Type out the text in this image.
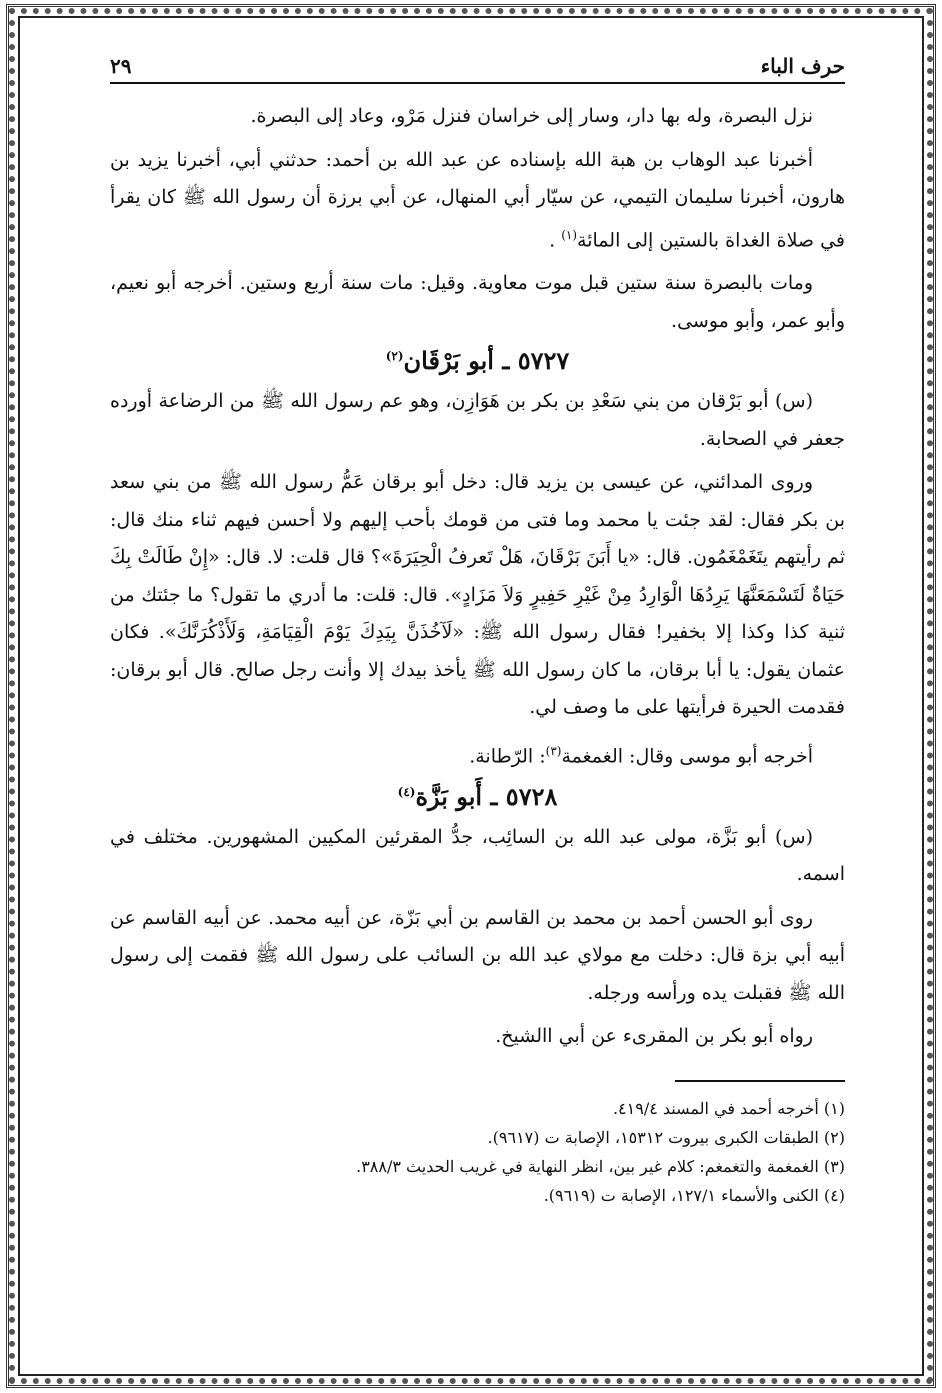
حرف الباء
٢٩

نزل البصرة، وله بها دار، وسار إلى خراسان فنزل مَرْو، وعاد إلى البصرة.

أخبرنا عبد الوهاب بن هبة الله بإسناده عن عبد الله بن أحمد: حدثني أبي، أخبرنا يزيد بن هارون، أخبرنا سليمان التيمي، عن سيّار أبي المنهال، عن أبي برزة أن رسول الله ﷺ كان يقرأ في صلاة الغداة بالستين إلى المائة$^{(١)}$ .

ومات بالبصرة سنة ستين قبل موت معاوية. وقيل: مات سنة أربع وستين. أخرجه أبو نعيم، وأبو عمر، وأبو موسى.

٥٧٢٧ ـ أبو بَرْقَان$^{(٢)}$

(س) أبو بَرْقان من بني سَعْدِ بن بكر بن هَوَازِن، وهو عم رسول الله ﷺ من الرضاعة أورده جعفر في الصحابة.

وروى المدائني، عن عيسى بن يزيد قال: دخل أبو برقان عَمُّ رسول الله ﷺ من بني سعد بن بكر فقال: لقد جئت يا محمد وما فتى من قومك بأحب إليهم ولا أحسن فيهم ثناء منك قال: ثم رأيتهم يتَغَمْغَمُون. قال: «يا أَبَنَ بَرْقَانَ، هَلْ تَعرفُ الْحِيَرَةَ»؟ قال قلت: لا. قال: «إِنْ طَالَتْ بِكَ حَيَاةٌ لَتَسْمَعَنَّهَا يَرِدُهَا الْوَارِدُ مِنْ غَيْرِ حَفِيرٍ وَلاَ مَزَادٍ». قال: قلت: ما أدري ما تقول؟ ما جئتك من ثنية كذا وكذا إلا بخفير! فقال رسول الله ﷺ: «لَآخُذَنَّ بِيَدِكَ يَوْمَ الْقِيَامَةِ، وَلَأَذْكُرَنَّكَ». فكان عثمان يقول: يا أبا برقان، ما كان رسول الله ﷺ يأخذ بيدك إلا وأنت رجل صالح. قال أبو برقان: فقدمت الحيرة فرأيتها على ما وصف لي.

أخرجه أبو موسى وقال: الغمغمة$^{(٣)}$: الرّطانة.

٥٧٢٨ ـ أَبو بَزَّة$^{(٤)}$

(س) أبو بَزَّة، مولى عبد الله بن السائِب، جدُّ المقرئين المكيين المشهورين. مختلف في اسمه.

روى أبو الحسن أحمد بن محمد بن القاسم بن أبي بَزّة، عن أبيه محمد. عن أبيه القاسم عن أبيه أبي بزة قال: دخلت مع مولاي عبد الله بن السائب على رسول الله ﷺ فقمت إلى رسول الله ﷺ فقبلت يده ورأسه ورجله.

رواه أبو بكر بن المقرىء عن أبي االشيخ.

(١) أخرجه أحمد في المسند ٤١٩/٤.

(٢) الطبقات الكبرى بيروت ١٥٣١٢، الإصابة ت (٩٦١٧).

(٣) الغمغمة والتغمغم: كلام غير بين، انظر النهاية في غريب الحديث ٣٨٨/٣.

(٤) الكنى والأسماء ١٢٧/١، الإصابة ت (٩٦١٩).
